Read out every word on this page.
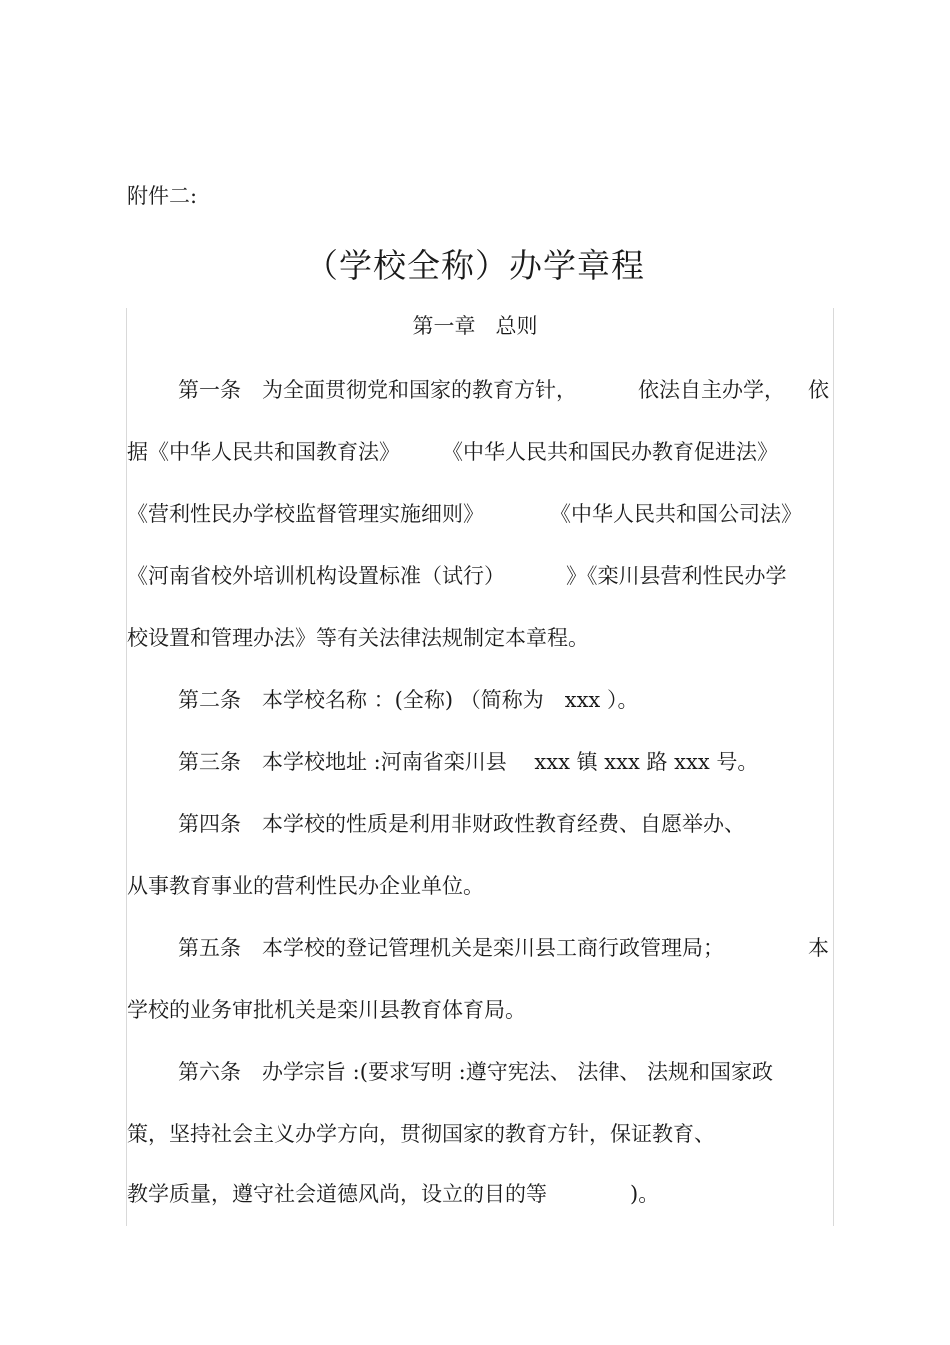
附件二:
（学校全称）办学章程
第一章 总则
第一条　为全面贯彻党和国家的教育方针，	依法自主办学， 依
据《中华人民共和国教育法》 《中华人民共和国民办教育促进法》
《营利性民办学校监督管理实施细则》	《中华人民共和国公司法》
《河南省校外培训机构设置标准（试行）	》《栾川县营利性民办学
校设置和管理办法》等有关法律法规制定本章程。
第二条　本学校名称 ：(全称) （简称为　xxx ）。
第三条　本学校地址 :河南省栾川县　 xxx 镇 xxx 路 xxx 号。
第四条　本学校的性质是利用非财政性教育经费、自愿举办、
从事教育事业的营利性民办企业单位。
第五条　本学校的登记管理机关是栾川县工商行政管理局；	本
学校的业务审批机关是栾川县教育体育局。
第六条　办学宗旨 :(要求写明 :遵守宪法、 法律、 法规和国家政
策，坚持社会主义办学方向，贯彻国家的教育方针，保证教育、
教学质量，遵守社会道德风尚，设立的目的等	)。
